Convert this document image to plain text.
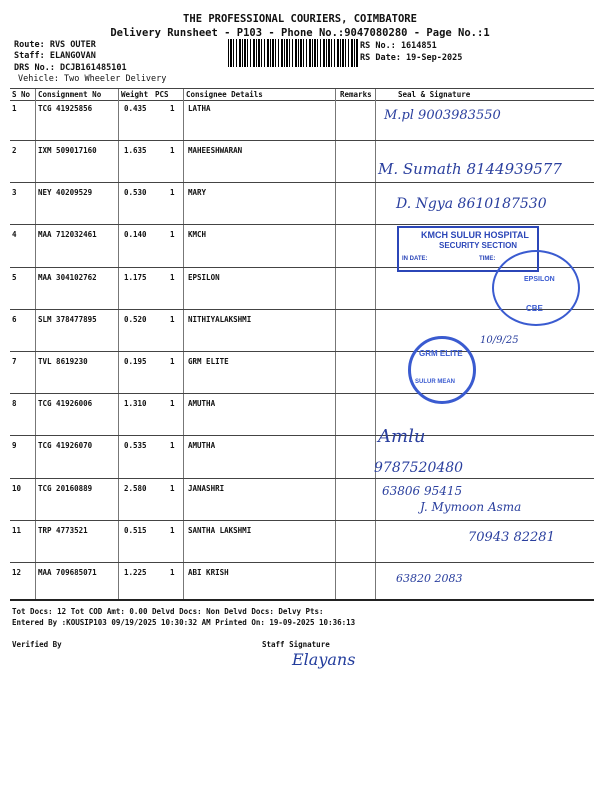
THE PROFESSIONAL COURIERS, COIMBATORE
Delivery Runsheet - P103 - Phone No.:9047080280 - Page No.:1
Route: RVS OUTER
Staff: ELANGOVAN
DRS No.: DCJB161485101
Vehicle: Two Wheeler Delivery
RS No.: 1614851
RS Date: 19-Sep-2025
S No Consignment No	Weight PCS Consignee Details	Remarks	Seal & Signature
1	TCG 41925856	0.435	1 LATHA
2	IXM 509017160	1.635	1 MAHEESHWARAN
3	NEY 40209529	0.530	1 MARY
4	MAA 712032461	0.140	1 KMCH
5	MAA 304102762	1.175	1 EPSILON
6	SLM 378477895	0.520	1 NITHIYALAKSHMI
7	TVL 8619230	0.195	1 GRM ELITE
8	TCG 41926006	1.310	1 AMUTHA
9	TCG 41926070	0.535	1 AMUTHA
10 TCG 20160889	2.580	1 JANASHRI
11 TRP 4773521	0.515	1 SANTHA LAKSHMI
12 MAA 709685071	1.225	1 ABI KRISH
M.pl 9003983550
M. Sumath 8144939577
D. Ngya 8610187530
10/9/25
Amlu
9787520480
63806 95415
J. Mymoon Asma
70943 82281
63820 2083
KMCH SULUR HOSPITAL
SECURITY SECTION
IN DATE:	TIME:
EPSILON
CBE
GRM ELITE
SULUR MEAN
Tot Docs: 12 Tot COD Amt: 0.00 Delvd Docs: Non Delvd Docs: Delvy Pts:
Entered By :KOUSIP103 09/19/2025 10:30:32 AM Printed On: 19-09-2025 10:36:13
Verified By	Staff Signature
Elayans
